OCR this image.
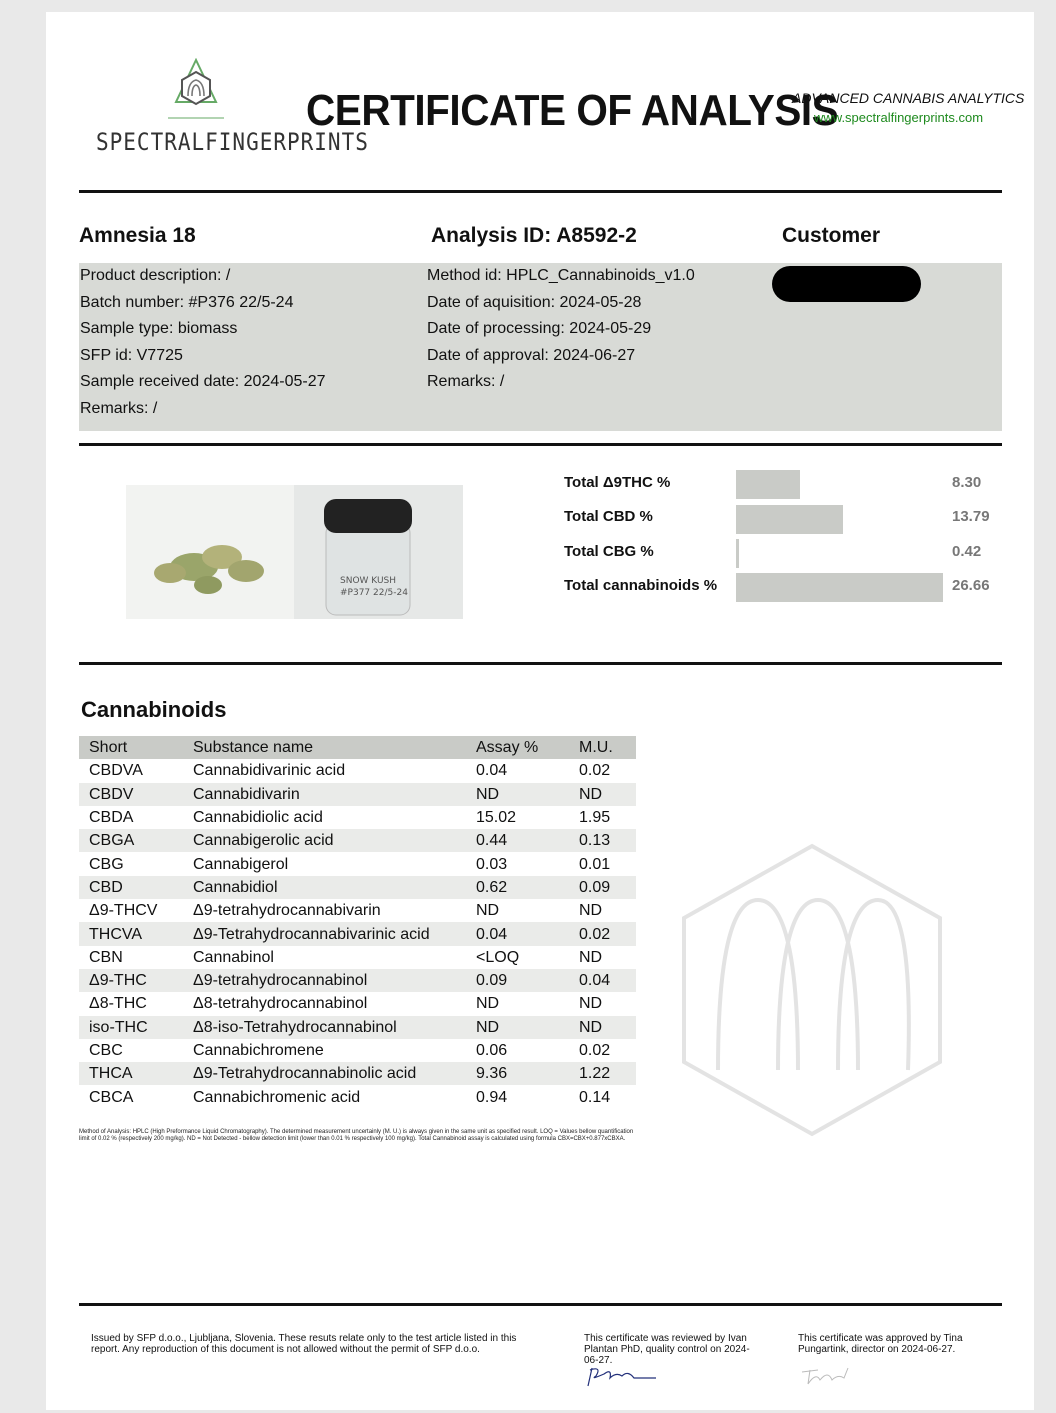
SPECTRALFINGERPRINTS
CERTIFICATE OF ANALYSIS
ADVANCED CANNABIS ANALYTICS
www.spectralfingerprints.com
Amnesia 18	Analysis ID: A8592-2	Customer
Product description: /
Batch number: #P376 22/5-24
Sample type: biomass
SFP id: V7725
Sample received date: 2024-05-27
Remarks: /
Method id: HPLC_Cannabinoids_v1.0
Date of aquisition: 2024-05-28
Date of processing: 2024-05-29
Date of approval: 2024-06-27
Remarks: /
SNOW KUSH
#P377 22/5-24
Total Δ9THC %	8.30
Total CBD %	13.79
Total CBG %	0.42
Total cannabinoids %	26.66
Cannabinoids
Short	Substance name	Assay %	M.U.
CBDVA	Cannabidivarinic acid	0.04	0.02
CBDV	Cannabidivarin	ND	ND
CBDA	Cannabidiolic acid	15.02	1.95
CBGA	Cannabigerolic acid	0.44	0.13
CBG	Cannabigerol	0.03	0.01
CBD	Cannabidiol	0.62	0.09
Δ9-THCV	Δ9-tetrahydrocannabivarin	ND	ND
THCVA	Δ9-Tetrahydrocannabivarinic acid	0.04	0.02
CBN	Cannabinol	<LOQ	ND
Δ9-THC	Δ9-tetrahydrocannabinol	0.09	0.04
Δ8-THC	Δ8-tetrahydrocannabinol	ND	ND
iso-THC	Δ8-iso-Tetrahydrocannabinol	ND	ND
CBC	Cannabichromene	0.06	0.02
THCA	Δ9-Tetrahydrocannabinolic acid	9.36	1.22
CBCA	Cannabichromenic acid	0.94	0.14
Method of Analysis: HPLC (High Preformance Liquid Chromatography). The determined measurement uncertainly (M. U.) is always given in the same unit as specified result. LOQ = Values bellow quantification limit of 0.02 % (respectively 200 mg/kg). ND = Not Detected - bellow detection limit (lower than 0.01 % respectively 100 mg/kg). Total Cannabinoid assay is calculated using formula CBX=CBX+0.877xCBXA.
Issued by SFP d.o.o., Ljubljana, Slovenia. These resuts relate only to the test article listed in this report. Any reproduction of this document is not allowed without the permit of SFP d.o.o.
This certificate was reviewed by Ivan Plantan PhD, quality control on 2024-06-27.
This certificate was approved by Tina Pungartink, director on 2024-06-27.
